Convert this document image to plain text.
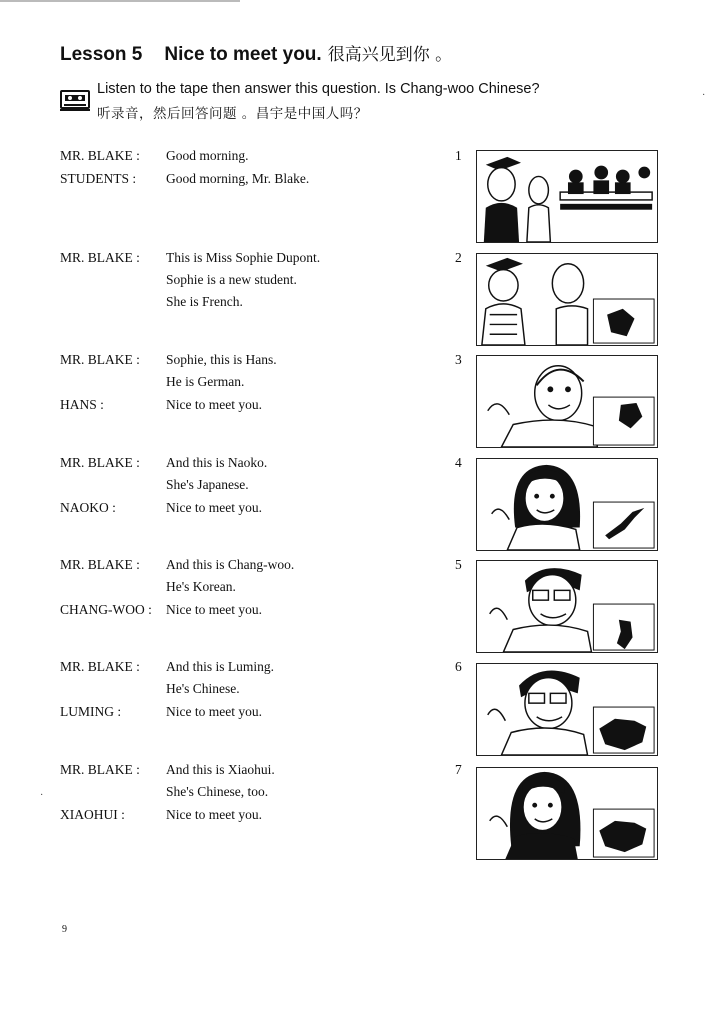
Lesson 5 Nice to meet you. 很高兴见到你 。
Listen to the tape then answer this question. Is Chang-woo Chinese?
听录音，然后回答问题 。昌宇是中国人吗？
MR. BLAKE : Good morning.
STUDENTS : Good morning, Mr. Blake.
1
MR. BLAKE : This is Miss Sophie Dupont.
Sophie is a new student.
She is French.
2
MR. BLAKE : Sophie, this is Hans.
He is German.
HANS :	Nice to meet you.
3
MR. BLAKE : And this is Naoko.
She's Japanese.
NAOKO :	Nice to meet you.
4
MR. BLAKE : And this is Chang-woo.
He's Korean.
CHANG-WOO : Nice to meet you.
5
MR. BLAKE : And this is Luming.
He's Chinese.
LUMING :	Nice to meet you.
6
MR. BLAKE : And this is Xiaohui.
She's Chinese, too.
XIAOHUI :	Nice to meet you.
7
9
·
·
